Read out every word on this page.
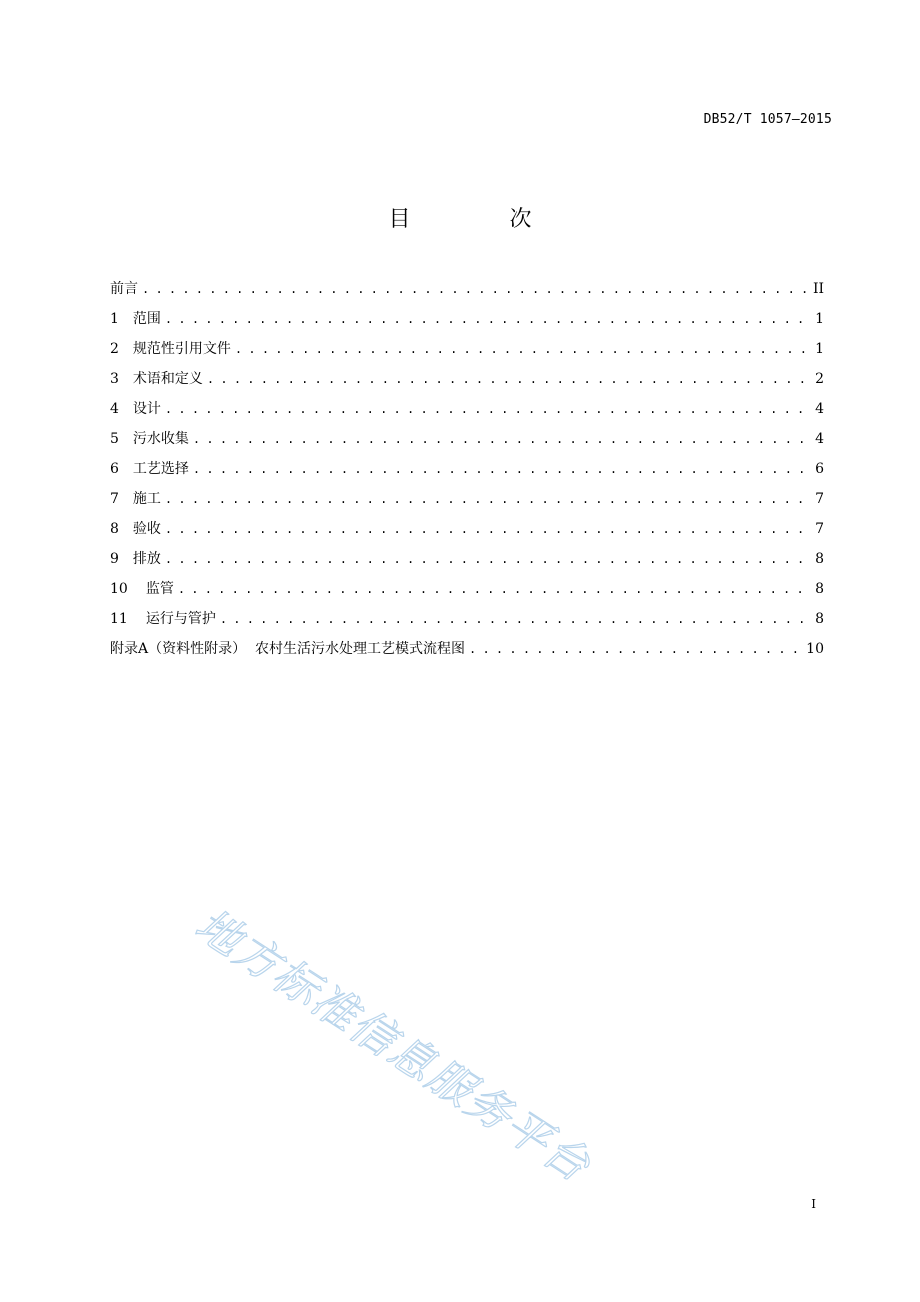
DB52/T 1057—2015
目 次
前言 . . .	II
1 范围 . . .	1
2 规范性引用文件 . . .	1
3 术语和定义 . . .	2
4 设计 . . .	4
5 污水收集 . . .	4
6 工艺选择 . . .	6
7 施工 . . .	7
8 验收 . . .	7
9 排放 . . .	8
10 监管 . . .	8
11 运行与管护 . . .	8
附录A（资料性附录）  农村生活污水处理工艺模式流程图 . . .	10
地方标准信息服务平台
I
